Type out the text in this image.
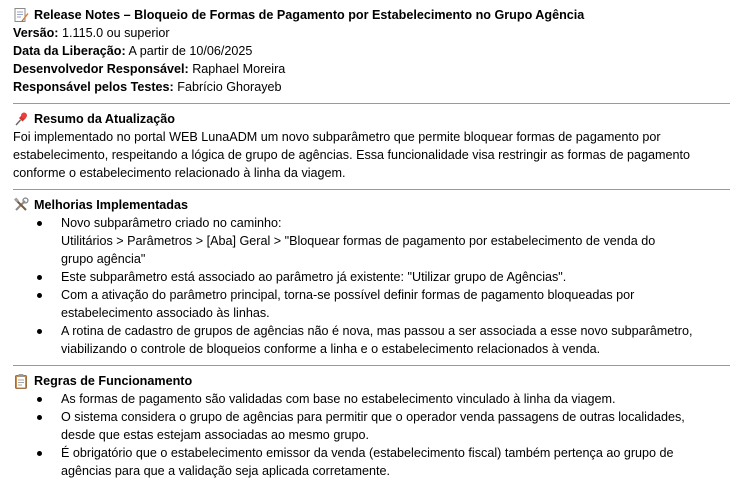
Release Notes – Bloqueio de Formas de Pagamento por Estabelecimento no Grupo Agência
Versão: 1.115.0 ou superior
Data da Liberação: A partir de 10/06/2025
Desenvolvedor Responsável: Raphael Moreira
Responsável pelos Testes: Fabrício Ghorayeb
Resumo da Atualização
Foi implementado no portal WEB LunaADM um novo subparâmetro que permite bloquear formas de pagamento por
estabelecimento, respeitando a lógica de grupo de agências. Essa funcionalidade visa restringir as formas de pagamento
conforme o estabelecimento relacionado à linha da viagem.
Melhorias Implementadas
Novo subparâmetro criado no caminho:
Utilitários > Parâmetros > [Aba] Geral > "Bloquear formas de pagamento por estabelecimento de venda do
grupo agência"
Este subparâmetro está associado ao parâmetro já existente: "Utilizar grupo de Agências".
Com a ativação do parâmetro principal, torna-se possível definir formas de pagamento bloqueadas por
estabelecimento associado às linhas.
A rotina de cadastro de grupos de agências não é nova, mas passou a ser associada a esse novo subparâmetro,
viabilizando o controle de bloqueios conforme a linha e o estabelecimento relacionados à venda.
Regras de Funcionamento
As formas de pagamento são validadas com base no estabelecimento vinculado à linha da viagem.
O sistema considera o grupo de agências para permitir que o operador venda passagens de outras localidades,
desde que estas estejam associadas ao mesmo grupo.
É obrigatório que o estabelecimento emissor da venda (estabelecimento fiscal) também pertença ao grupo de
agências para que a validação seja aplicada corretamente.
